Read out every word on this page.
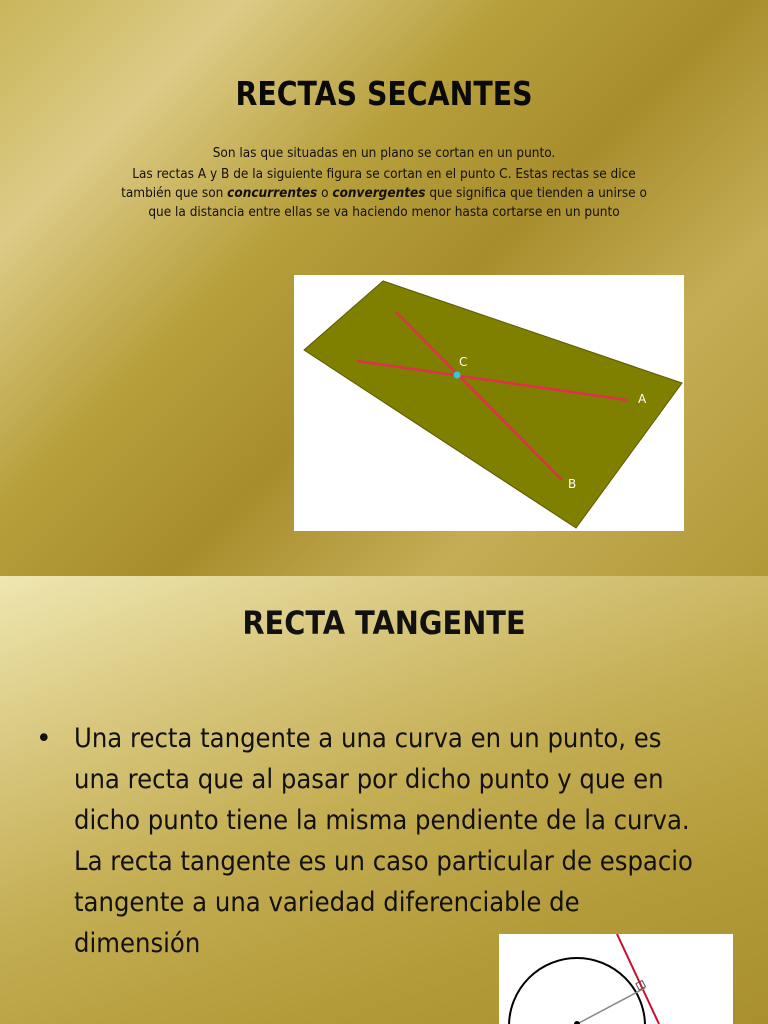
RECTAS SECANTES

Son las que situadas en un plano se cortan en un punto.

Las rectas A y B de la siguiente figura se cortan en el punto C. Estas rectas se dice también que son concurrentes o convergentes que significa que tienden a unirse o que la distancia entre ellas se va haciendo menor hasta cortarse en un punto

C
A
B
RECTA TANGENTE
• Una recta tangente a una curva en un punto, es una recta que al pasar por dicho punto y que en dicho punto tiene la misma pendiente de la curva. La recta tangente es un caso particular de espacio tangente a una variedad diferenciable de dimensión
